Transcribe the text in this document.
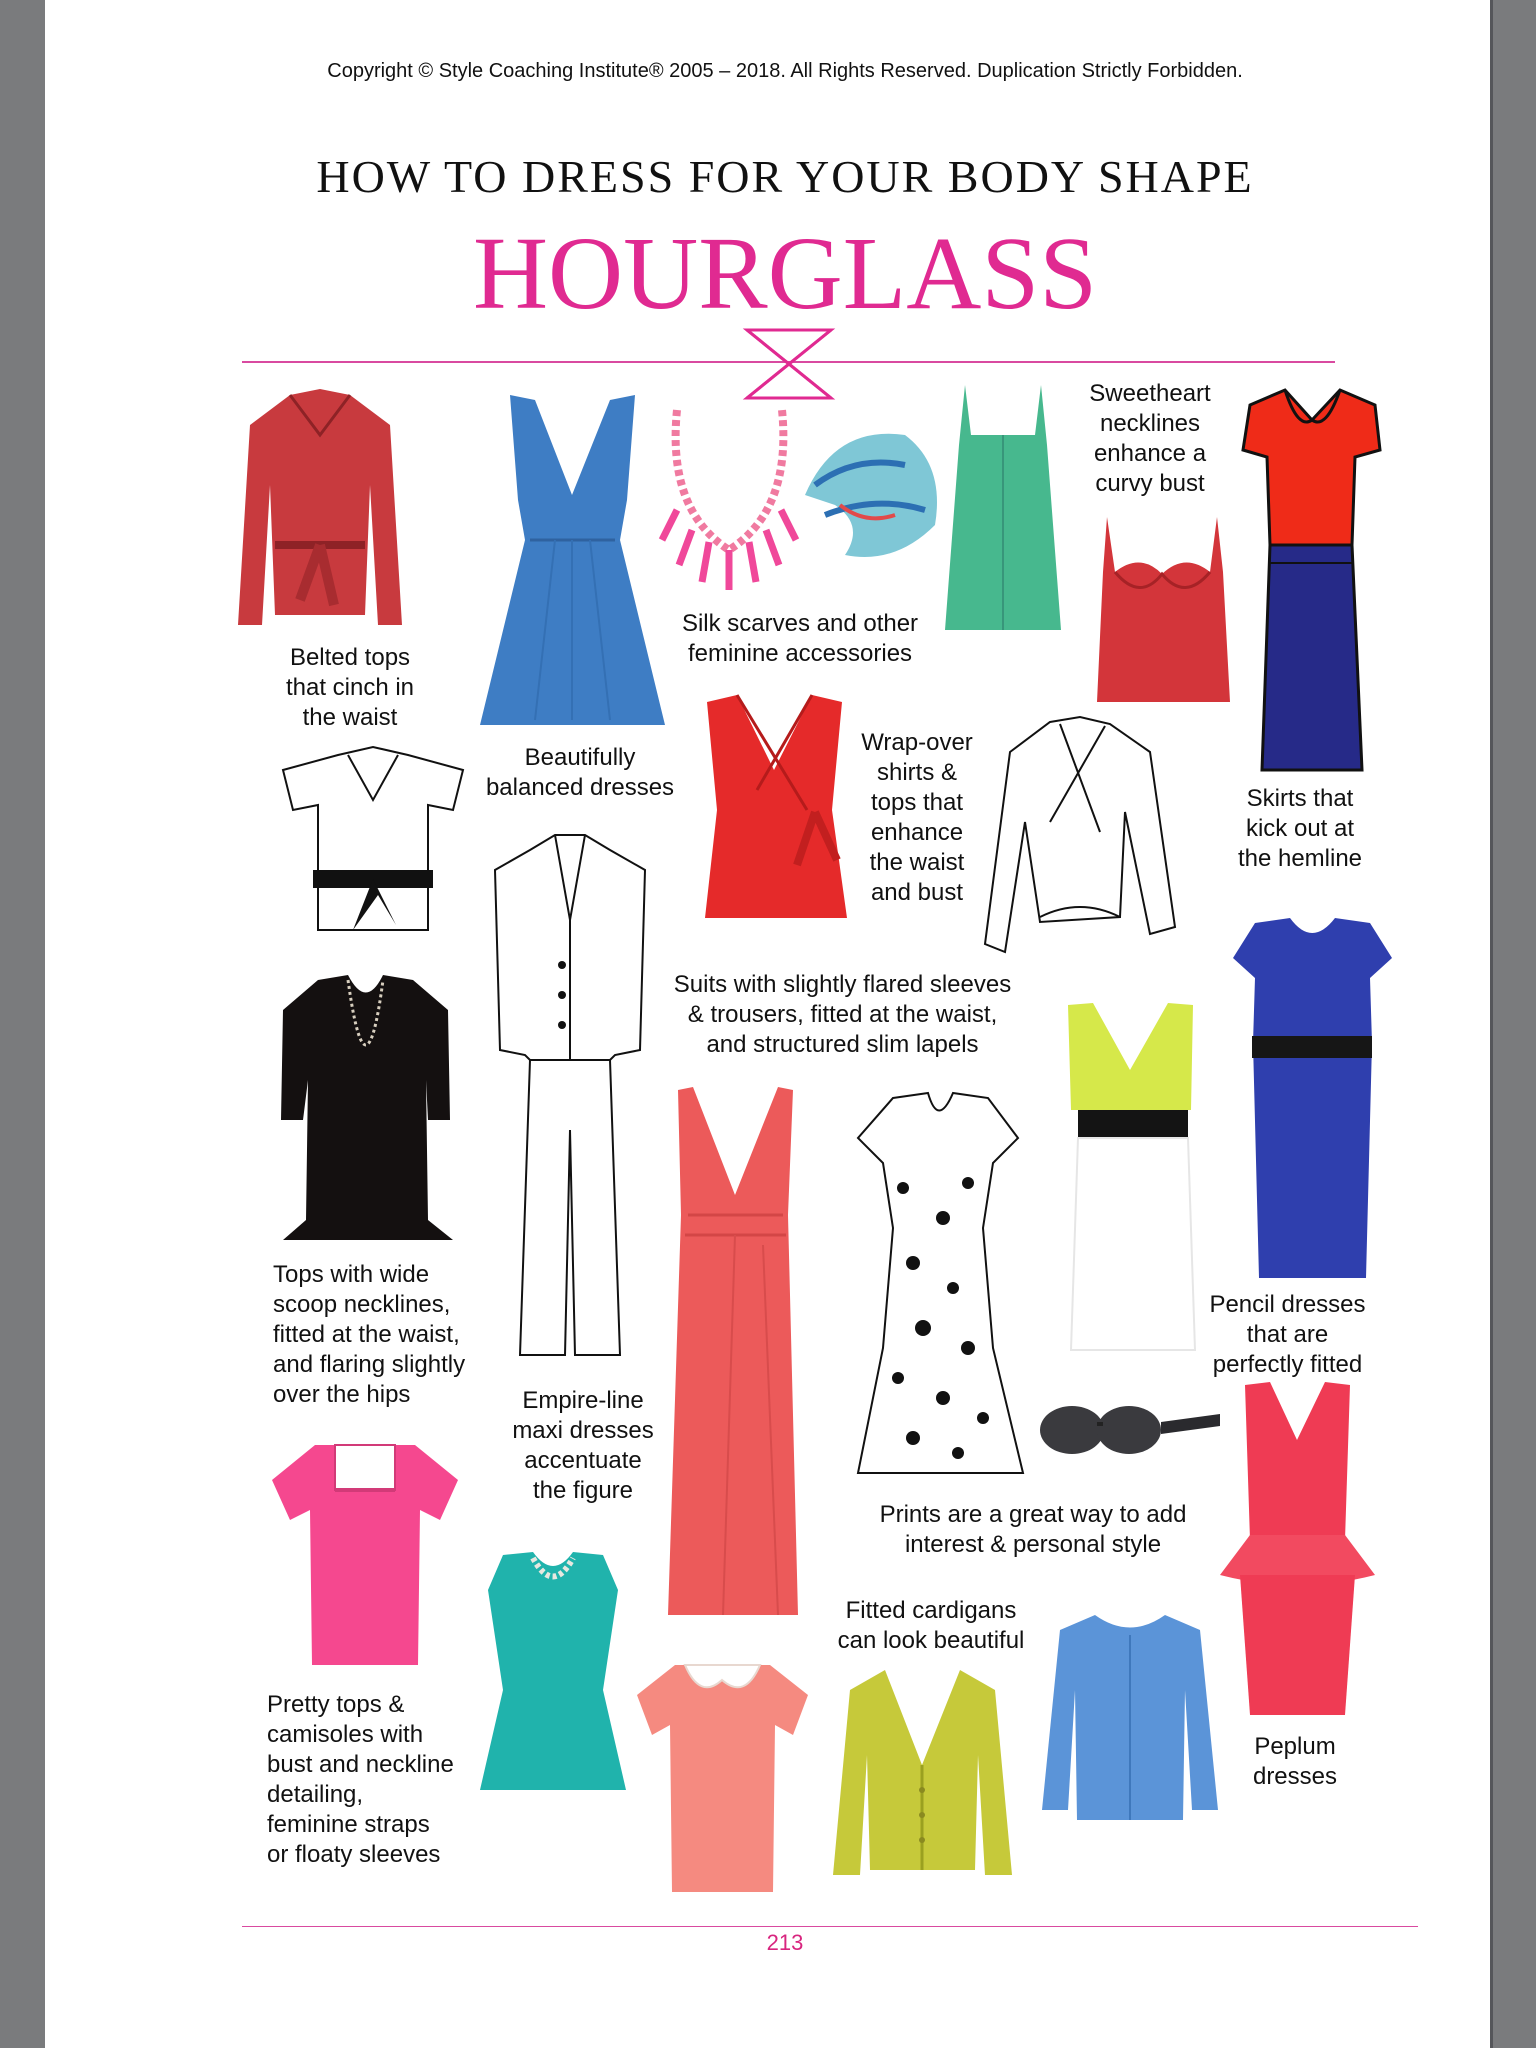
Copyright © Style Coaching Institute® 2005 – 2018. All Rights Reserved. Duplication Strictly Forbidden.
HOW TO DRESS FOR YOUR BODY SHAPE
HOURGLASS
Belted tops
that cinch in
the waist
Beautifully
balanced dresses
Silk scarves and other
feminine accessories
Sweetheart
necklines
enhance a
curvy bust
Wrap-over
shirts &
tops that
enhance
the waist
and bust
Skirts that
kick out at
the hemline
Suits with slightly flared sleeves
& trousers, fitted at the waist,
and structured slim lapels
Tops with wide
scoop necklines,
fitted at the waist,
and flaring slightly
over the hips
Pencil dresses
that are
perfectly fitted
Empire-line
maxi dresses
accentuate
the figure
Prints are a great way to add
interest & personal style
Fitted cardigans
can look beautiful
Peplum
dresses
Pretty tops &
camisoles with
bust and neckline
detailing,
feminine straps
or floaty sleeves
213
